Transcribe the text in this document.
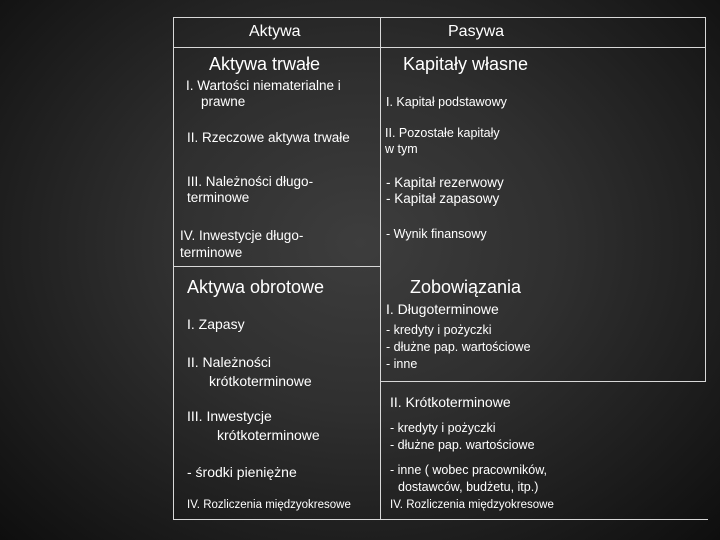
Aktywa	Pasywa
Aktywa trwałe
I. Wartości niematerialne i
prawne
II. Rzeczowe aktywa trwałe
III. Należności długo-
terminowe
IV. Inwestycje długo-
terminowe
Aktywa obrotowe
I. Zapasy
II. Należności
krótkoterminowe
III. Inwestycje
krótkoterminowe
- środki pieniężne
IV. Rozliczenia międzyokresowe
Kapitały własne
I. Kapitał podstawowy
II. Pozostałe kapitały
w tym
- Kapitał rezerwowy
- Kapitał zapasowy
- Wynik finansowy
Zobowiązania
I. Długoterminowe
- kredyty i pożyczki
- dłużne pap. wartościowe
- inne
II. Krótkoterminowe
- kredyty i pożyczki
- dłużne pap. wartościowe
- inne ( wobec pracowników,
dostawców, budżetu, itp.)
IV. Rozliczenia międzyokresowe
